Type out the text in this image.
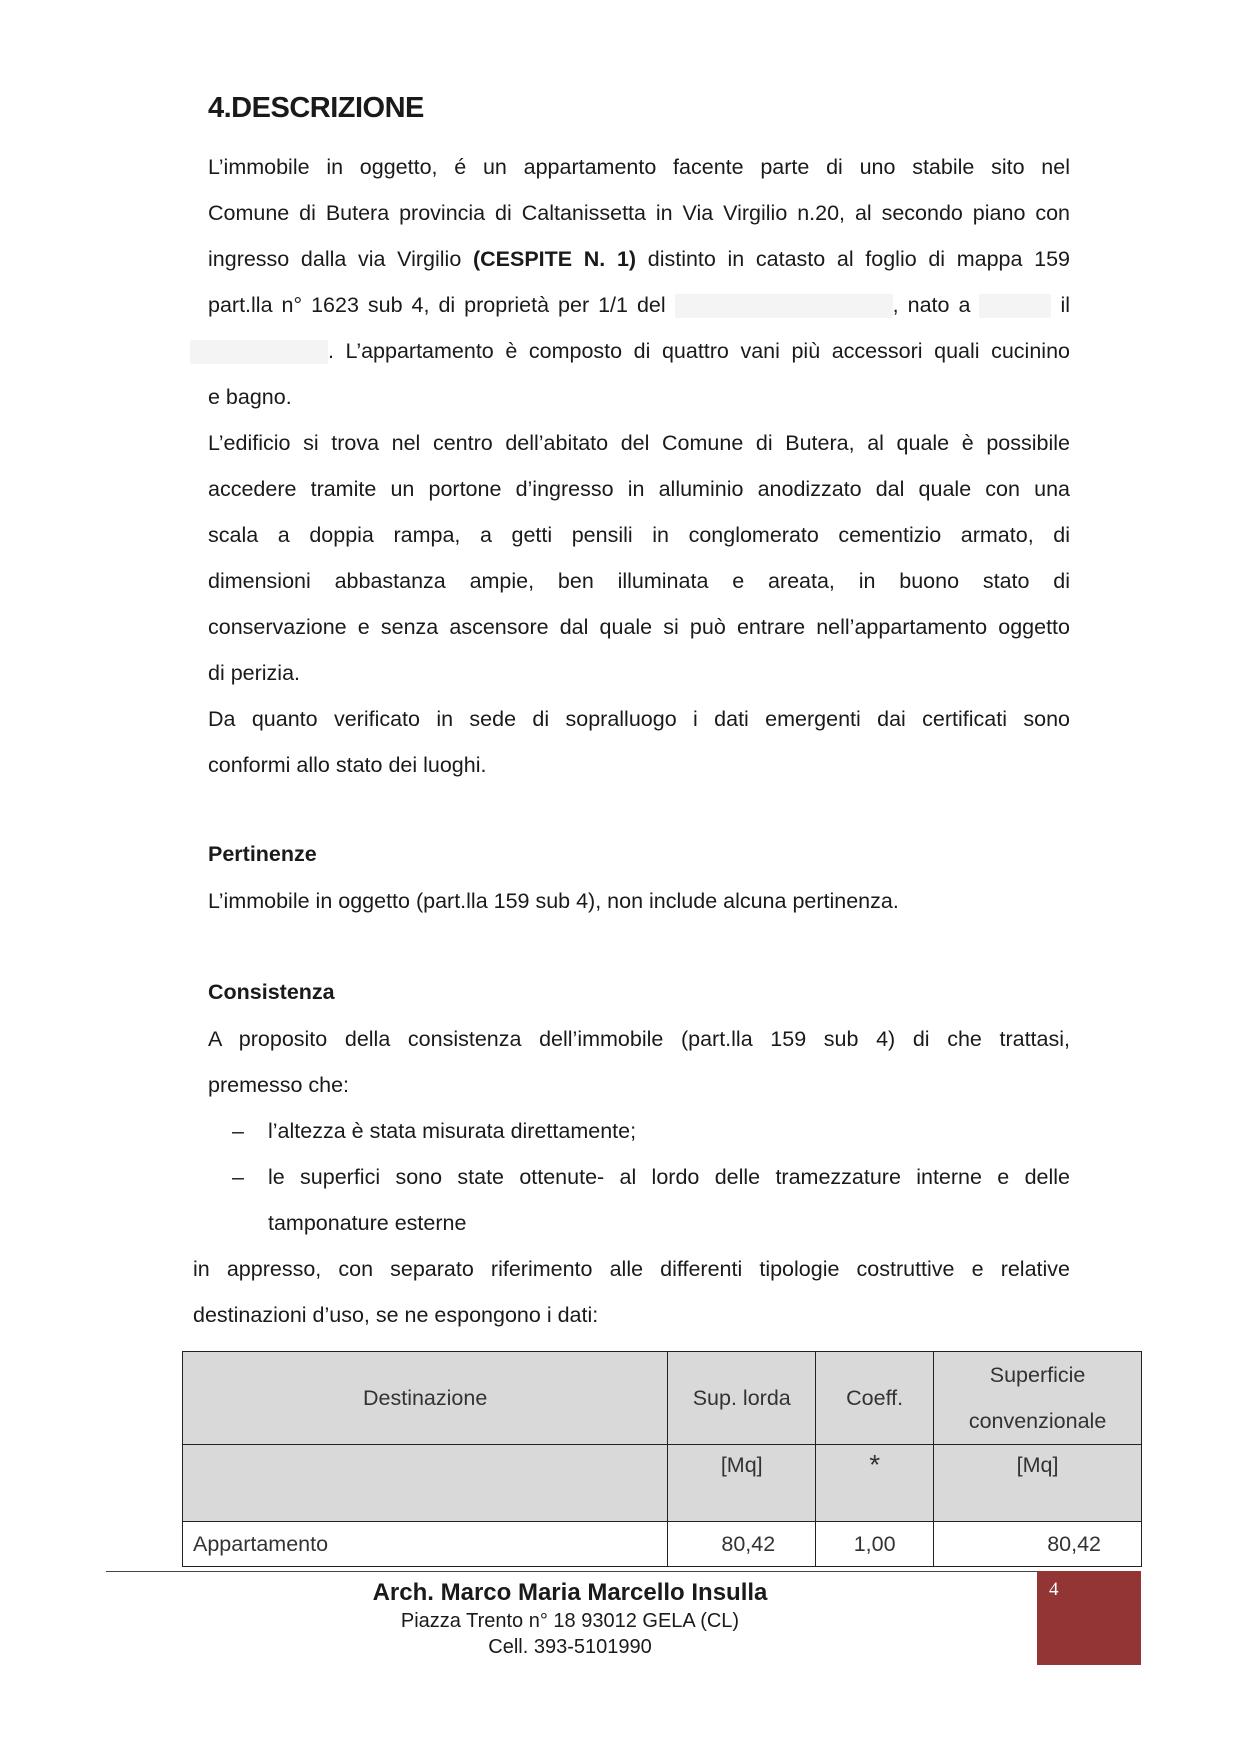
4.DESCRIZIONE
L’immobile in oggetto, é un appartamento facente parte di uno stabile sito nel
Comune di Butera provincia di Caltanissetta in Via Virgilio n.20, al secondo piano con
ingresso dalla via Virgilio (CESPITE N. 1) distinto in catasto al foglio di mappa 159
part.lla n° 1623 sub 4, di proprietà per 1/1 del	, nato a	il
. L’appartamento è composto di quattro vani più accessori quali cucinino
e bagno.
L’edificio si trova nel centro dell’abitato del Comune di Butera, al quale è possibile
accedere tramite un portone d’ingresso in alluminio anodizzato dal quale con una
scala a doppia rampa, a getti pensili in conglomerato cementizio armato, di
dimensioni abbastanza ampie, ben illuminata e areata, in buono stato di
conservazione e senza ascensore dal quale si può entrare nell’appartamento oggetto
di perizia.
Da quanto verificato in sede di sopralluogo i dati emergenti dai certificati sono
conformi allo stato dei luoghi.
Pertinenze
L’immobile in oggetto (part.lla 159 sub 4), non include alcuna pertinenza.
Consistenza
A proposito della consistenza dell’immobile (part.lla 159 sub 4) di che trattasi,
premesso che:
– l’altezza è stata misurata direttamente;
– le superfici sono state ottenute- al lordo delle tramezzature interne e delle
tamponature esterne
in appresso, con separato riferimento alle differenti tipologie costruttive e relative
destinazioni d’uso, se ne espongono i dati:
Destinazione	Sup. lorda	Coeff.	Superficie
convenzionale

	[Mq]	*	[Mq]
Appartamento	80,42	1,00	80,42

Arch. Marco Maria Marcello Insulla

Piazza Trento n° 18 93012 GELA (CL)

Cell. 393-5101990

4
